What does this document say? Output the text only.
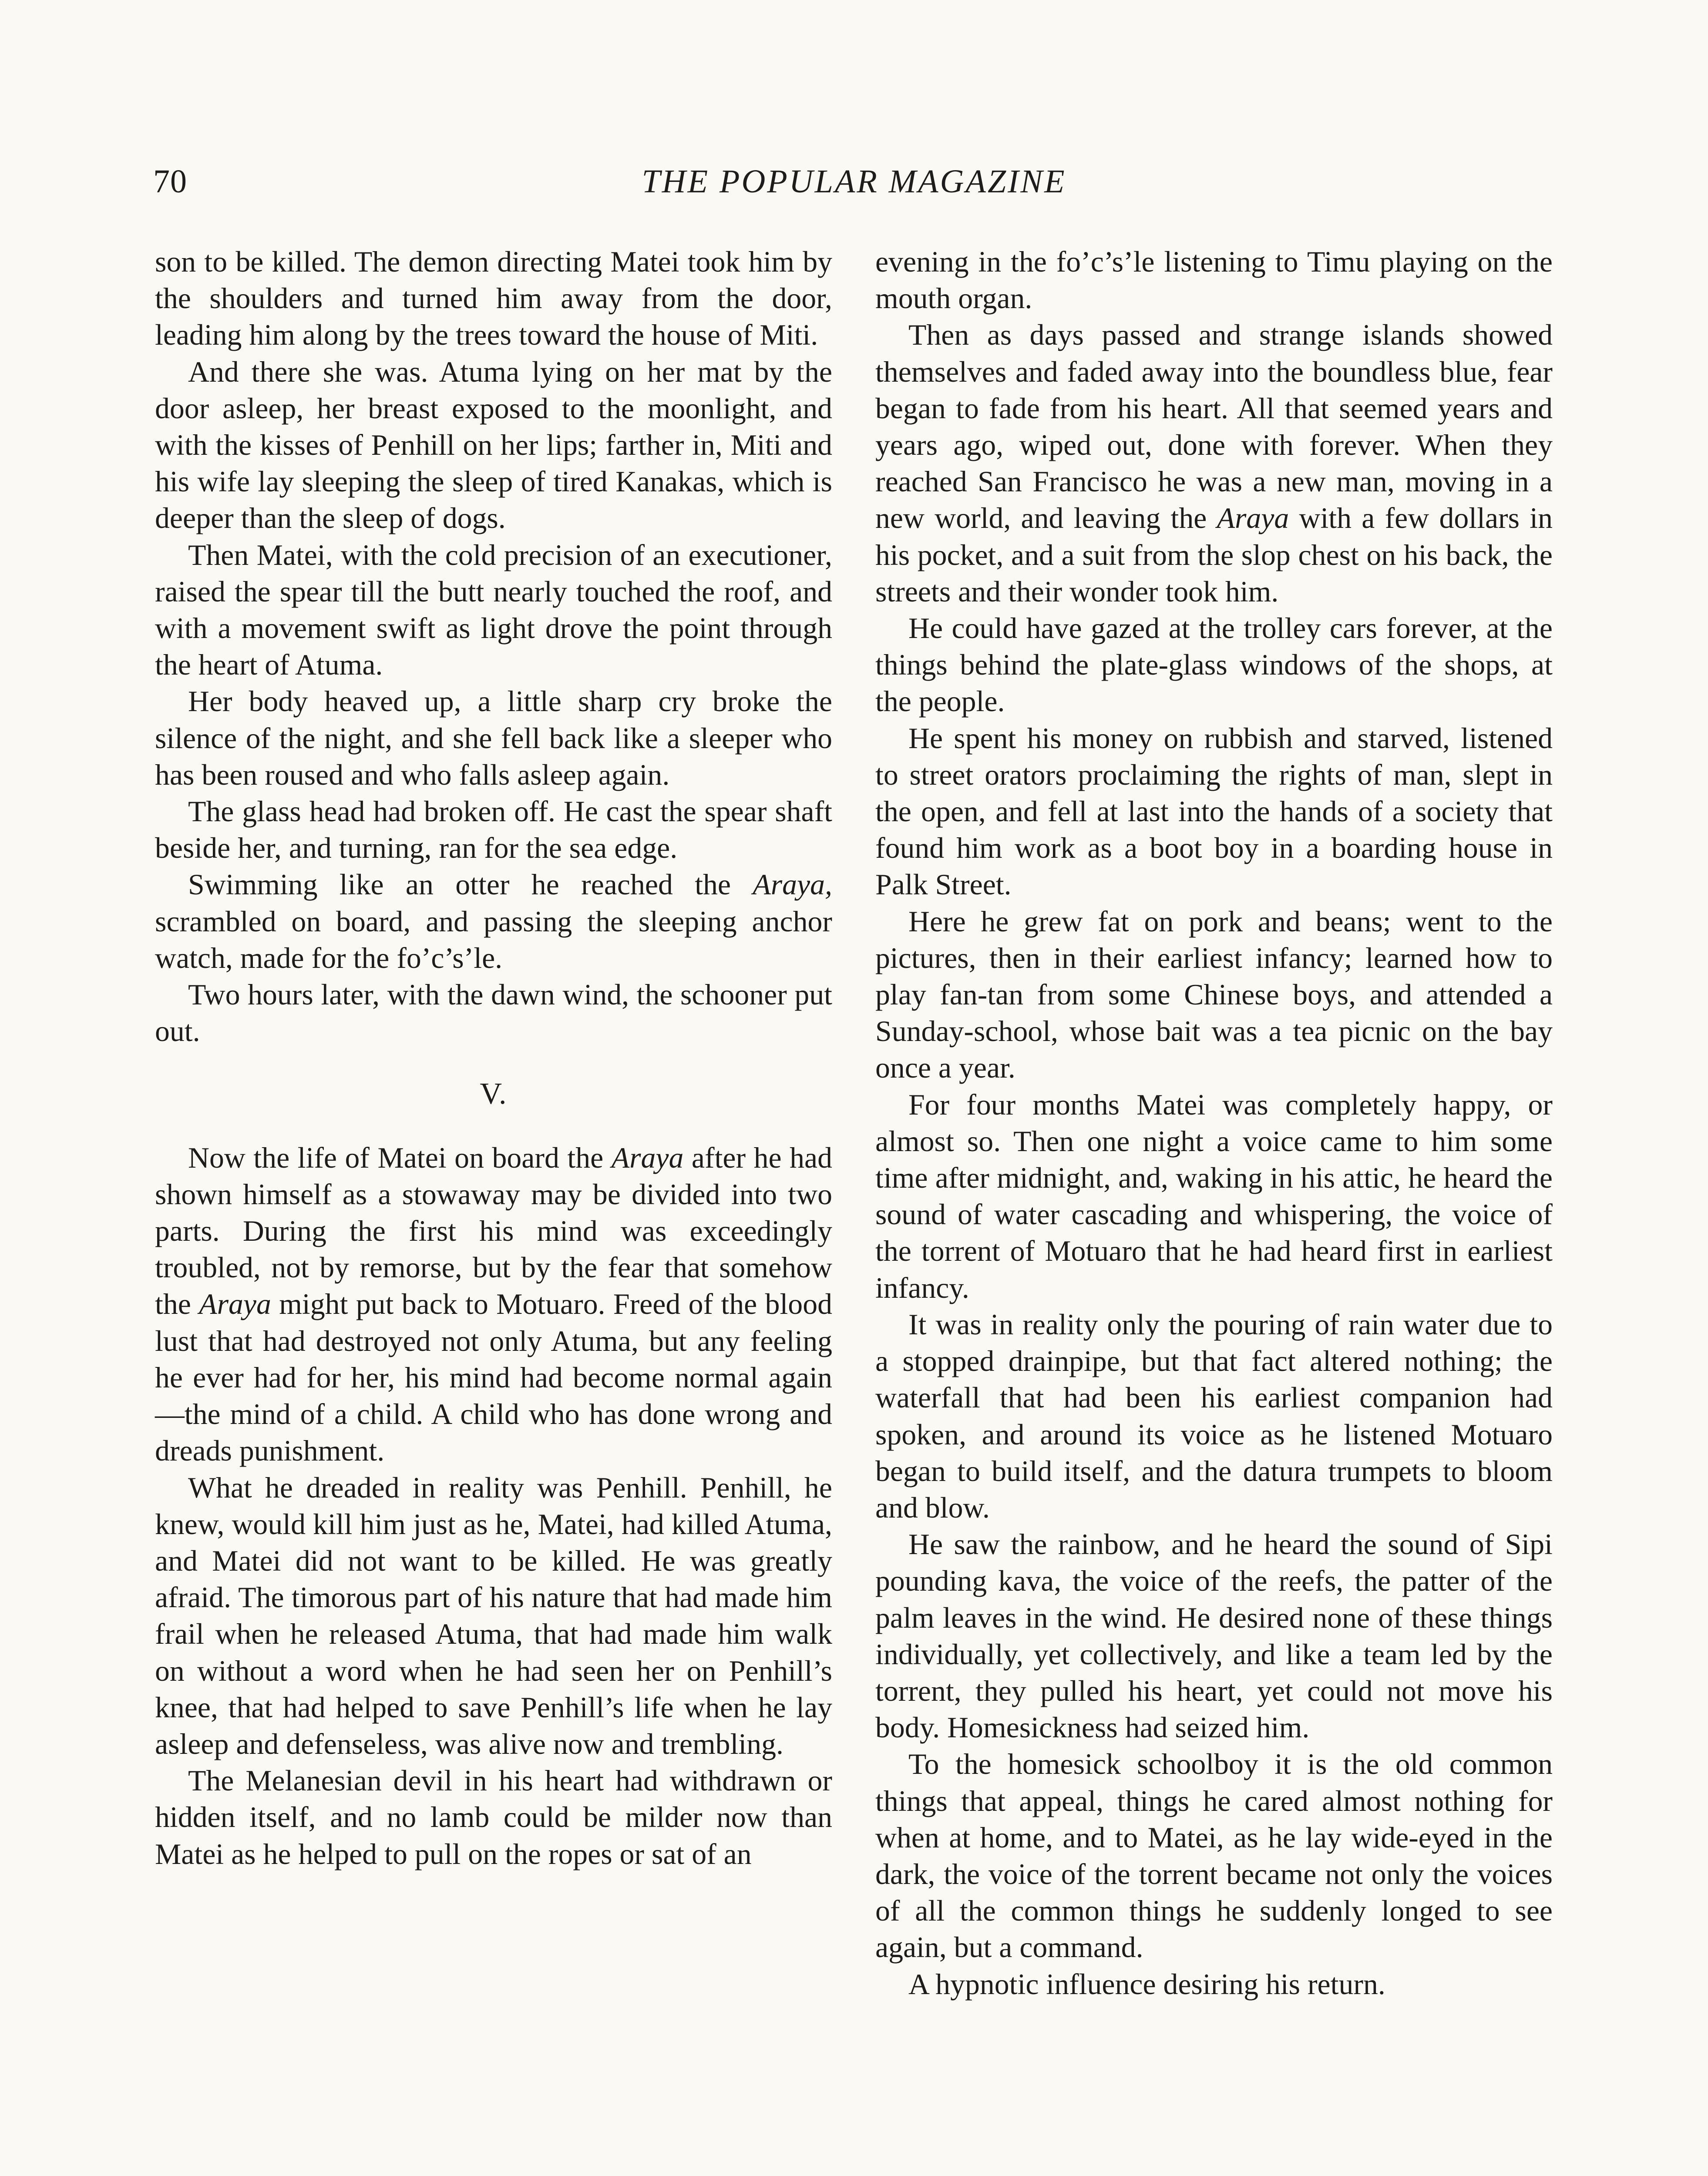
70	THE POPULAR MAGAZINE

son to be killed. The demon directing Matei took him by the shoulders and turned him away from the door, leading him along by the trees toward the house of Miti.

And there she was. Atuma lying on her mat by the door asleep, her breast exposed to the moonlight, and with the kisses of Penhill on her lips; farther in, Miti and his wife lay sleeping the sleep of tired Kanakas, which is deeper than the sleep of dogs.

Then Matei, with the cold precision of an executioner, raised the spear till the butt nearly touched the roof, and with a movement swift as light drove the point through the heart of Atuma.

Her body heaved up, a little sharp cry broke the silence of the night, and she fell back like a sleeper who has been roused and who falls asleep again.

The glass head had broken off. He cast the spear shaft beside her, and turning, ran for the sea edge.

Swimming like an otter he reached the Araya, scrambled on board, and passing the sleeping anchor watch, made for the fo’c’s’le.

Two hours later, with the dawn wind, the schooner put out.

V.

Now the life of Matei on board the Araya after he had shown himself as a stowaway may be divided into two parts. During the first his mind was exceedingly troubled, not by remorse, but by the fear that somehow the Araya might put back to Motuaro. Freed of the blood lust that had destroyed not only Atuma, but any feeling he ever had for her, his mind had become normal again—the mind of a child. A child who has done wrong and dreads punishment.

What he dreaded in reality was Penhill. Penhill, he knew, would kill him just as he, Matei, had killed Atuma, and Matei did not want to be killed. He was greatly afraid. The timorous part of his nature that had made him frail when he released Atuma, that had made him walk on without a word when he had seen her on Penhill’s knee, that had helped to save Penhill’s life when he lay asleep and defenseless, was alive now and trembling.

The Melanesian devil in his heart had withdrawn or hidden itself, and no lamb could be milder now than Matei as he helped to pull on the ropes or sat of an

evening in the fo’c’s’le listening to Timu playing on the mouth organ.

Then as days passed and strange islands showed themselves and faded away into the boundless blue, fear began to fade from his heart. All that seemed years and years ago, wiped out, done with forever. When they reached San Francisco he was a new man, moving in a new world, and leaving the Araya with a few dollars in his pocket, and a suit from the slop chest on his back, the streets and their wonder took him.

He could have gazed at the trolley cars forever, at the things behind the plate-glass windows of the shops, at the people.

He spent his money on rubbish and starved, listened to street orators proclaiming the rights of man, slept in the open, and fell at last into the hands of a society that found him work as a boot boy in a boarding house in Palk Street.

Here he grew fat on pork and beans; went to the pictures, then in their earliest infancy; learned how to play fan-tan from some Chinese boys, and attended a Sunday-school, whose bait was a tea picnic on the bay once a year.

For four months Matei was completely happy, or almost so. Then one night a voice came to him some time after midnight, and, waking in his attic, he heard the sound of water cascading and whispering, the voice of the torrent of Motuaro that he had heard first in earliest infancy.

It was in reality only the pouring of rain water due to a stopped drainpipe, but that fact altered nothing; the waterfall that had been his earliest companion had spoken, and around its voice as he listened Motuaro began to build itself, and the datura trumpets to bloom and blow.

He saw the rainbow, and he heard the sound of Sipi pounding kava, the voice of the reefs, the patter of the palm leaves in the wind. He desired none of these things individually, yet collectively, and like a team led by the torrent, they pulled his heart, yet could not move his body. Homesickness had seized him.

To the homesick schoolboy it is the old common things that appeal, things he cared almost nothing for when at home, and to Matei, as he lay wide-eyed in the dark, the voice of the torrent became not only the voices of all the common things he suddenly longed to see again, but a command.

A hypnotic influence desiring his return.
